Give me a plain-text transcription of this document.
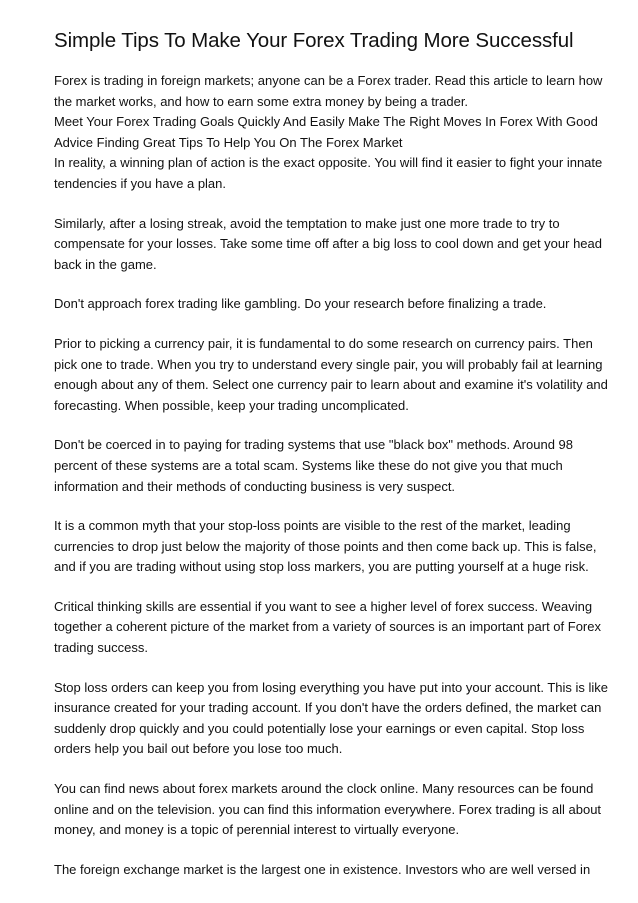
Simple Tips To Make Your Forex Trading More Successful
Forex is trading in foreign markets; anyone can be a Forex trader. Read this article to learn how the market works, and how to earn some extra money by being a trader.
Meet Your Forex Trading Goals Quickly And Easily Make The Right Moves In Forex With Good Advice Finding Great Tips To Help You On The Forex Market
In reality, a winning plan of action is the exact opposite. You will find it easier to fight your innate tendencies if you have a plan.
Similarly, after a losing streak, avoid the temptation to make just one more trade to try to compensate for your losses. Take some time off after a big loss to cool down and get your head back in the game.
Don't approach forex trading like gambling. Do your research before finalizing a trade.
Prior to picking a currency pair, it is fundamental to do some research on currency pairs. Then pick one to trade. When you try to understand every single pair, you will probably fail at learning enough about any of them. Select one currency pair to learn about and examine it's volatility and forecasting. When possible, keep your trading uncomplicated.
Don't be coerced in to paying for trading systems that use "black box" methods. Around 98 percent of these systems are a total scam. Systems like these do not give you that much information and their methods of conducting business is very suspect.
It is a common myth that your stop-loss points are visible to the rest of the market, leading currencies to drop just below the majority of those points and then come back up. This is false, and if you are trading without using stop loss markers, you are putting yourself at a huge risk.
Critical thinking skills are essential if you want to see a higher level of forex success. Weaving together a coherent picture of the market from a variety of sources is an important part of Forex trading success.
Stop loss orders can keep you from losing everything you have put into your account. This is like insurance created for your trading account. If you don't have the orders defined, the market can suddenly drop quickly and you could potentially lose your earnings or even capital. Stop loss orders help you bail out before you lose too much.
You can find news about forex markets around the clock online. Many resources can be found online and on the television. you can find this information everywhere. Forex trading is all about money, and money is a topic of perennial interest to virtually everyone.
The foreign exchange market is the largest one in existence. Investors who are well versed in
